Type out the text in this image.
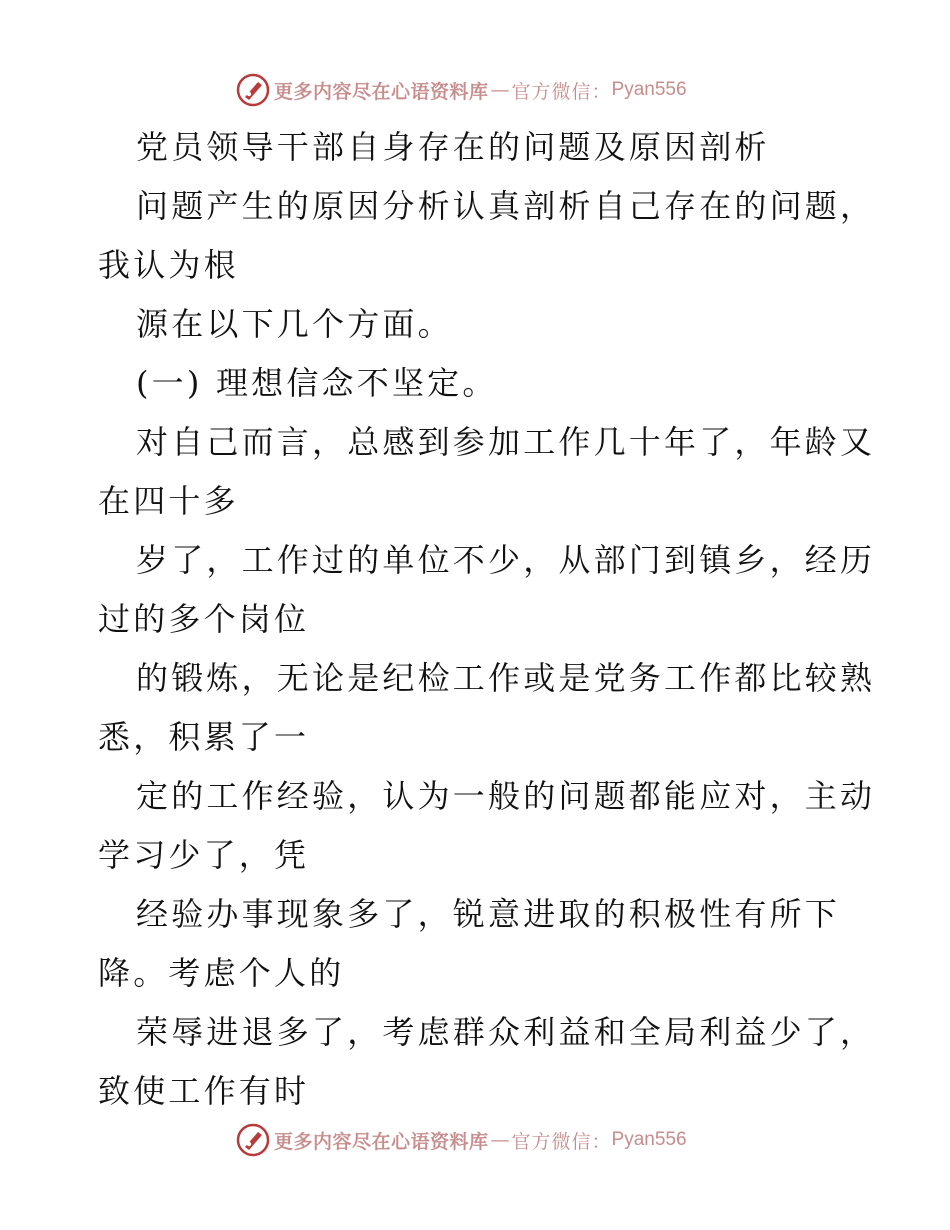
更多内容尽在心语资料库 — 官方微信： Pyan556
党员领导干部自身存在的问题及原因剖析
问题产生的原因分析认真剖析自己存在的问题，
我认为根
源在以下几个方面。
(一) 理想信念不坚定。
对自己而言，总感到参加工作几十年了，年龄又
在四十多
岁了，工作过的单位不少，从部门到镇乡，经历
过的多个岗位
的锻炼，无论是纪检工作或是党务工作都比较熟
悉，积累了一
定的工作经验，认为一般的问题都能应对，主动
学习少了，凭
经验办事现象多了，锐意进取的积极性有所下
降。考虑个人的
荣辱进退多了，考虑群众利益和全局利益少了，
致使工作有时
更多内容尽在心语资料库 — 官方微信： Pyan556
